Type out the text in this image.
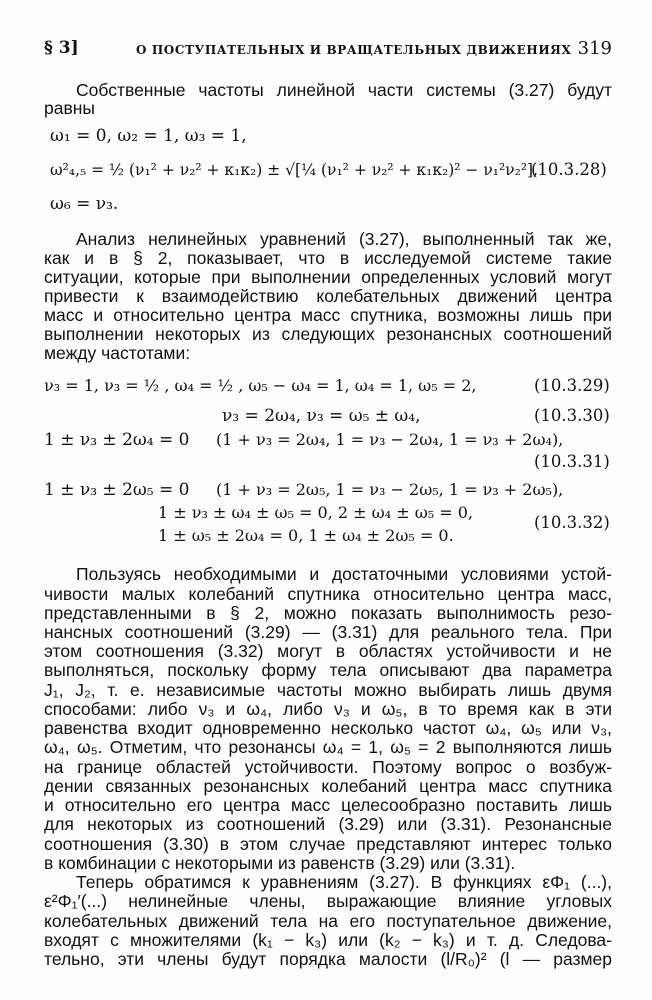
§ 3]	О ПОСТУПАТЕЛЬНЫХ И ВРАЩАТЕЛЬНЫХ ДВИЖЕНИЯХ 319
Собственные частоты линейной части системы (3.27) будут
равны
ω₁ = 0, ω₂ = 1, ω₃ = 1,
ω²₄,₅ = ½ (ν₁² + ν₂² + κ₁κ₂) ± √[¼ (ν₁² + ν₂² + κ₁κ₂)² − ν₁²ν₂²],
(10.3.28)
ω₆ = ν₃.
Анализ нелинейных уравнений (3.27), выполненный так же,
как и в § 2, показывает, что в исследуемой системе такие
ситуации, которые при выполнении определенных условий могут
привести к взаимодействию колебательных движений центра
масс и относительно центра масс спутника, возможны лишь при
выполнении некоторых из следующих резонансных соотношений
между частотами:
ν₃ = 1, ν₃ = ½ , ω₄ = ½ , ω₅ − ω₄ = 1, ω₄ = 1, ω₅ = 2,	(10.3.29)
ν₃ = 2ω₄, ν₃ = ω₅ ± ω₄,	(10.3.30)
1 ± ν₃ ± 2ω₄ = 0 (1 + ν₃ = 2ω₄, 1 = ν₃ − 2ω₄, 1 = ν₃ + 2ω₄),
(10.3.31)
1 ± ν₃ ± 2ω₅ = 0 (1 + ν₃ = 2ω₅, 1 = ν₃ − 2ω₅, 1 = ν₃ + 2ω₅),
1 ± ν₃ ± ω₄ ± ω₅ = 0, 2 ± ω₄ ± ω₅ = 0,
1 ± ω₅ ± 2ω₄ = 0, 1 ± ω₄ ± 2ω₅ = 0.
(10.3.32)
Пользуясь необходимыми и достаточными условиями устой-
чивости малых колебаний спутника относительно центра масс,
представленными в § 2, можно показать выполнимость резо-
нансных соотношений (3.29) — (3.31) для реального тела. При
этом соотношения (3.32) могут в областях устойчивости и не
выполняться, поскольку форму тела описывают два параметра
J₁, J₂, т. е. независимые частоты можно выбирать лишь двумя
способами: либо ν₃ и ω₄, либо ν₃ и ω₅, в то время как в эти
равенства входит одновременно несколько частот ω₄, ω₅ или ν₃,
ω₄, ω₅. Отметим, что резонансы ω₄ = 1, ω₅ = 2 выполняются лишь
на границе областей устойчивости. Поэтому вопрос о возбуж-
дении связанных резонансных колебаний центра масс спутника
и относительно его центра масс целесообразно поставить лишь
для некоторых из соотношений (3.29) или (3.31). Резонансные
соотношения (3.30) в этом случае представляют интерес только
в комбинации с некоторыми из равенств (3.29) или (3.31).
Теперь обратимся к уравнениям (3.27). В функциях εΦ₁ (...),
ε²Φ₁′(...) нелинейные члены, выражающие влияние угловых
колебательных движений тела на его поступательное движение,
входят с множителями (k₁ − k₃) или (k₂ − k₃) и т. д. Следова-
тельно, эти члены будут порядка малости (l/R₀)² (l — размер
